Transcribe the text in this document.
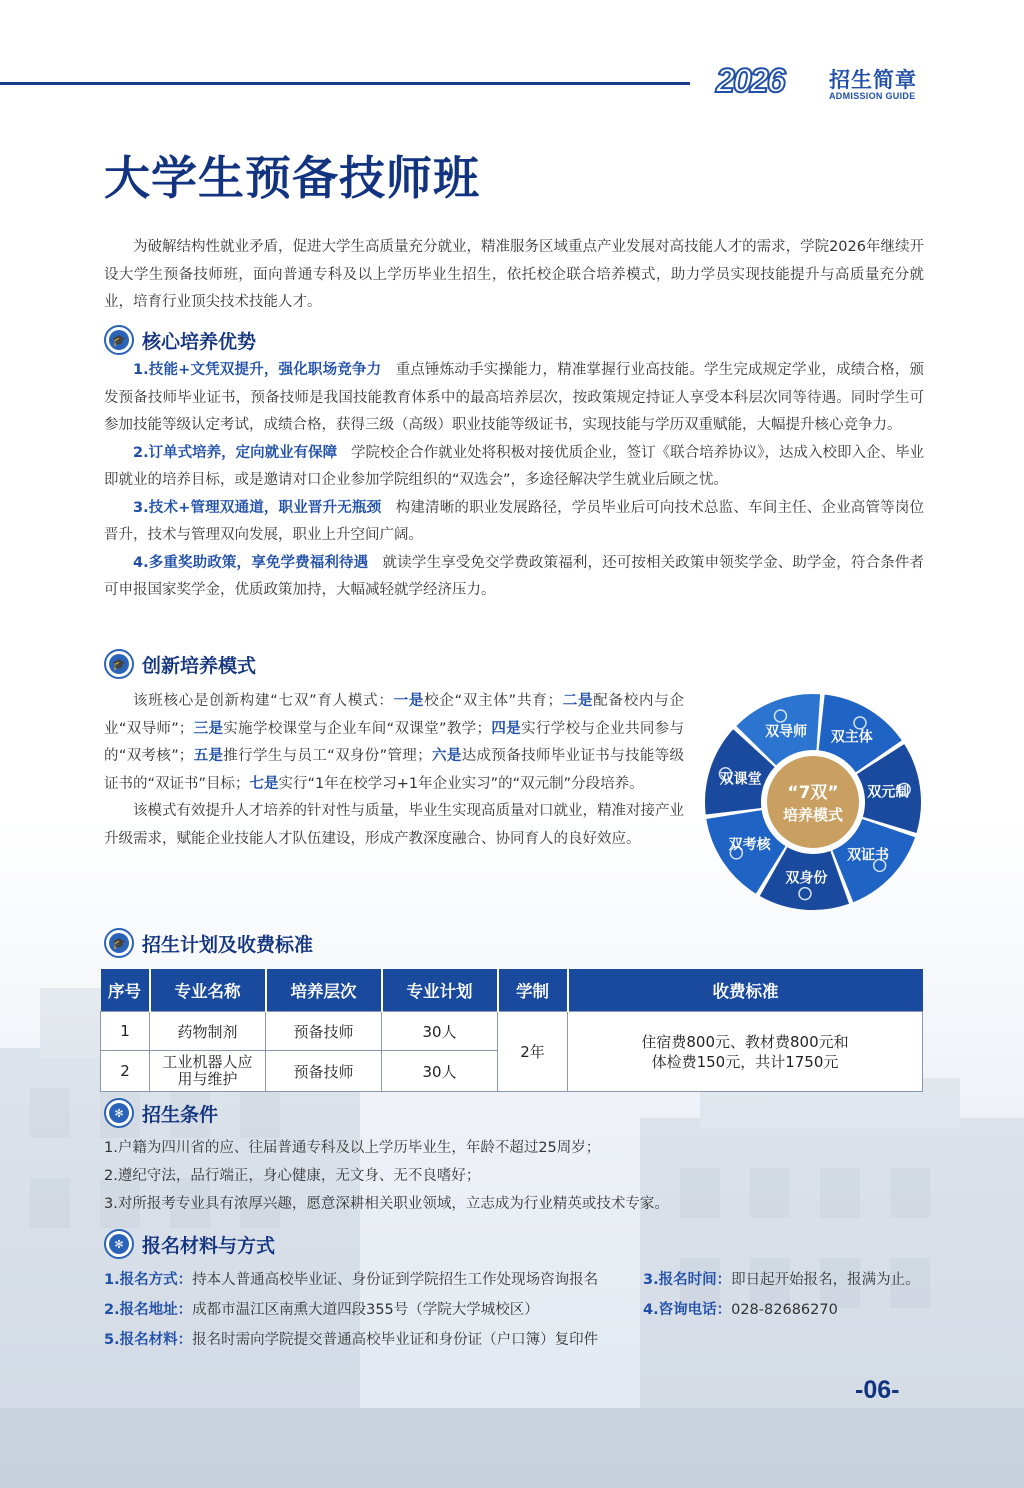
2026 招生简章
ADMISSION GUIDE
大学生预备技师班
为破解结构性就业矛盾，促进大学生高质量充分就业，精准服务区域重点产业发展对高技能人才的需求，学院2026年继续开设大学生预备技师班，面向普通专科及以上学历毕业生招生，依托校企联合培养模式，助力学员实现技能提升与高质量充分就业，培育行业顶尖技术技能人才。
🎓 核心培养优势
1.技能+文凭双提升，强化职场竞争力 重点锤炼动手实操能力，精准掌握行业高技能。学生完成规定学业，成绩合格，颁发预备技师毕业证书，预备技师是我国技能教育体系中的最高培养层次，按政策规定持证人享受本科层次同等待遇。同时学生可参加技能等级认定考试，成绩合格，获得三级（高级）职业技能等级证书，实现技能与学历双重赋能，大幅提升核心竞争力。
2.订单式培养，定向就业有保障 学院校企合作就业处将积极对接优质企业，签订《联合培养协议》，达成入校即入企、毕业即就业的培养目标，或是邀请对口企业参加学院组织的“双选会”，多途径解决学生就业后顾之忧。
3.技术+管理双通道，职业晋升无瓶颈 构建清晰的职业发展路径，学员毕业后可向技术总监、车间主任、企业高管等岗位晋升，技术与管理双向发展，职业上升空间广阔。
4.多重奖助政策，享免学费福利待遇 就读学生享受免交学费政策福利，还可按相关政策申领奖学金、助学金，符合条件者可申报国家奖学金，优质政策加持，大幅减轻就学经济压力。
🎓 创新培养模式
该班核心是创新构建“七双”育人模式：一是校企“双主体”共育；二是配备校内与企业“双导师”；三是实施学校课堂与企业车间“双课堂”教学；四是实行学校与企业共同参与的“双考核”；五是推行学生与员工“双身份”管理；六是达成预备技师毕业证书与技能等级证书的“双证书”目标；七是实行“1年在校学习+1年企业实习”的“双元制”分段培养。
该模式有效提升人才培养的针对性与质量，毕业生实现高质量对口就业，精准对接产业升级需求，赋能企业技能人才队伍建设，形成产教深度融合、协同育人的良好效应。
双主体
双元制
双证书
双身份
双考核
双课堂
双导师
“7双”
培养模式
🎓 招生计划及收费标准
序号	专业名称	培养层次	专业计划	学制	收费标准
1	药物制剂	预备技师	30人	2年	住宿费800元、教材费800元和
体检费150元，共计1750元

2	工业机器人应用与维护	预备技师	30人		
✻ 招生条件
1.户籍为四川省的应、往届普通专科及以上学历毕业生，年龄不超过25周岁；
2.遵纪守法，品行端正，身心健康，无文身、无不良嗜好；
3.对所报考专业具有浓厚兴趣，愿意深耕相关职业领域，立志成为行业精英或技术专家。
✻ 报名材料与方式
1.报名方式：持本人普通高校毕业证、身份证到学院招生工作处现场咨询报名	3.报名时间：即日起开始报名，报满为止。
2.报名地址：成都市温江区南熏大道四段355号（学院大学城校区）	4.咨询电话：028-82686270
5.报名材料：报名时需向学院提交普通高校毕业证和身份证（户口簿）复印件
-06-
